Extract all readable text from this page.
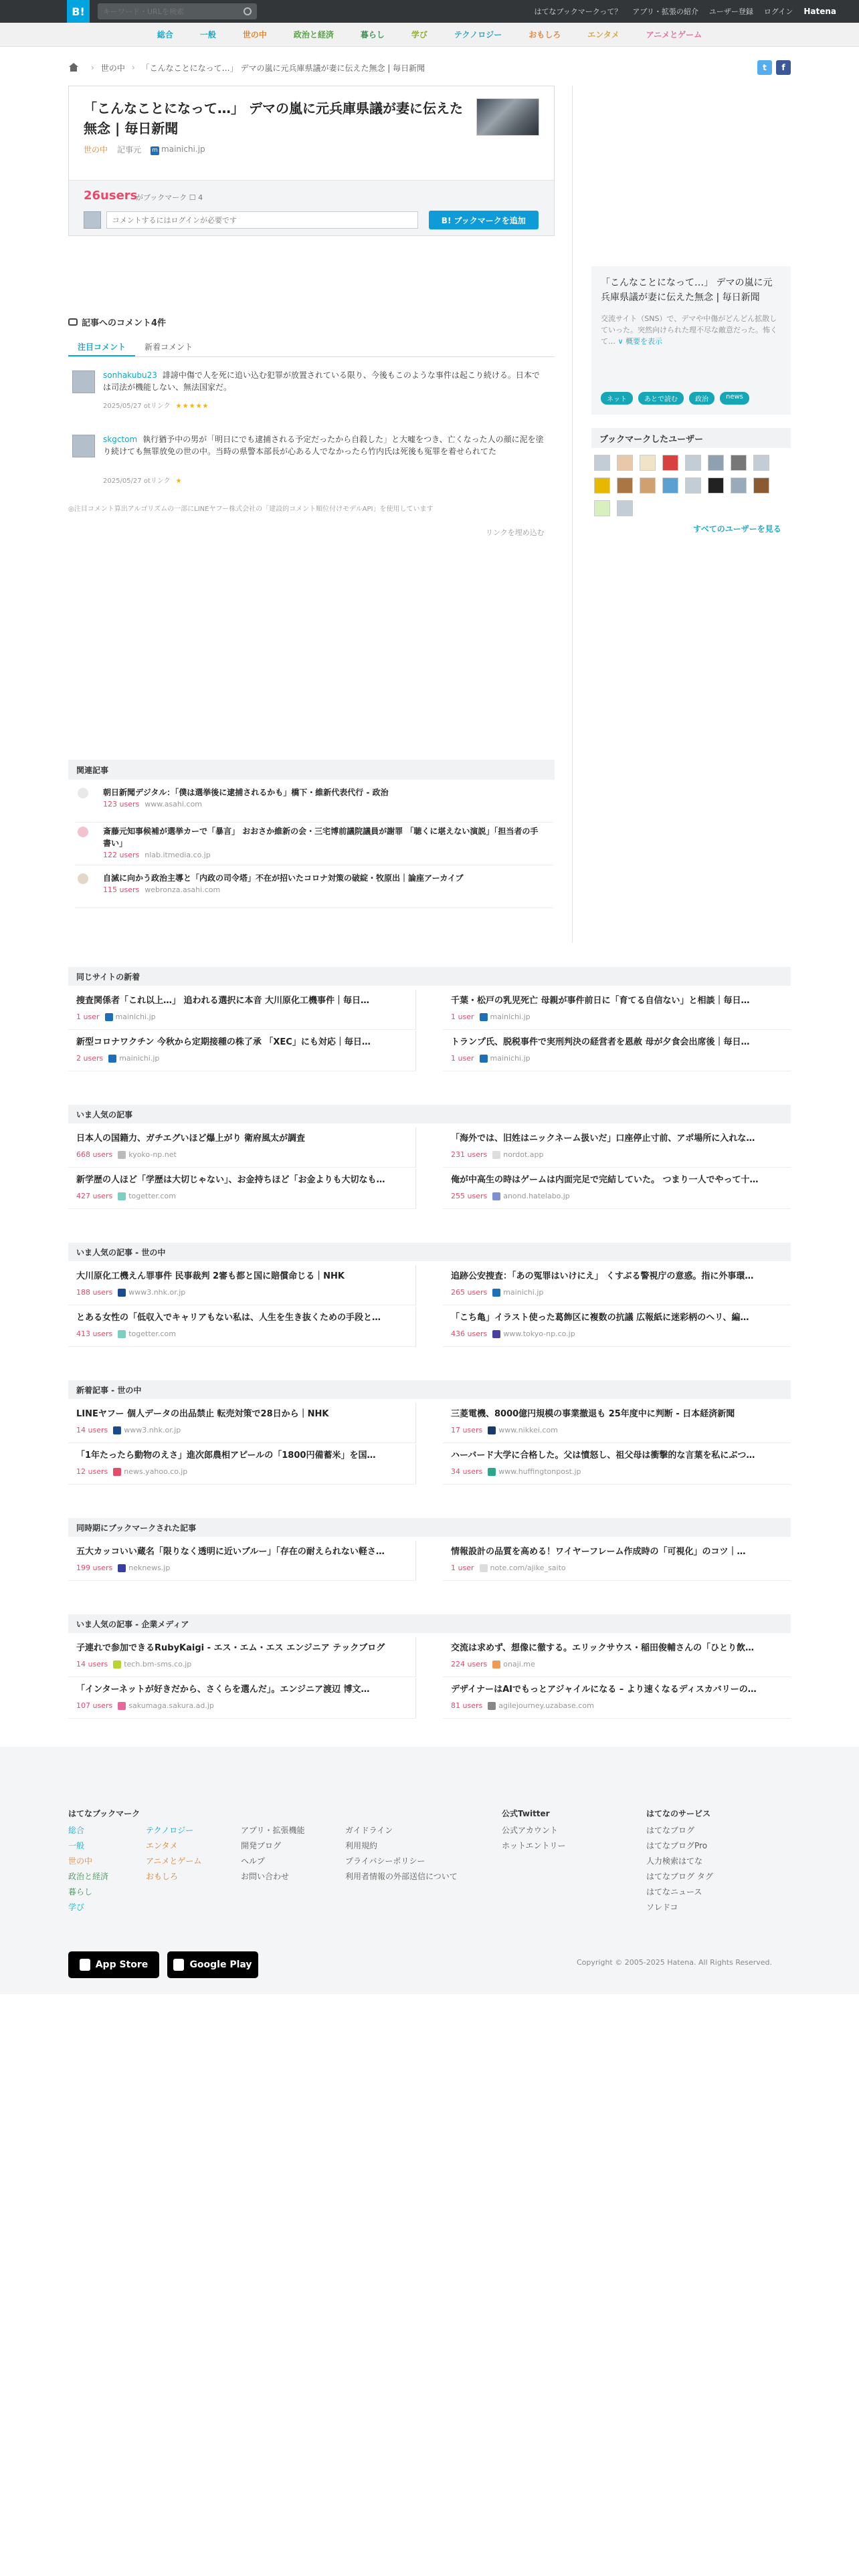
B!
キーワード・URLを検索	はてなブックマークって？ アプリ・拡張の紹介 ユーザー登録 ログイン Hatena
総合	一般	世の中	政治と経済	暮らし	学び	テクノロジー	おもしろ	エンタメ	アニメとゲーム
› 世の中 › 「こんなことになって…」 デマの嵐に元兵庫県議が妻に伝えた無念 | 毎日新聞	t	f
「こんなことになって…」 デマの嵐に元兵庫県議が妻に伝えた無念 | 毎日新聞
世の中 記事元 m mainichi.jp
26users
がブックマーク ☐ 4
コメントするにはログインが必要です
B! ブックマークを追加
「こんなことになって…」 デマの嵐に元兵庫県議が妻に伝えた無念 | 毎日新聞
交流サイト（SNS）で、デマや中傷がどんどん拡散していった。突然向けられた理不尽な敵意だった。怖くて… ∨ 概要を表示
ネット	あとで読む	政治	news
ブックマークしたユーザー
すべてのユーザーを見る
記事へのコメント4件
注目コメント	新着コメント
sonhakubu23 誹謗中傷で人を死に追い込む犯罪が放置されている限り、今後もこのような事件は起こり続ける。日本では司法が機能しない、無法国家だ。
2025/05/27 otリンク ★★★★★
skgctom 執行猶予中の男が「明日にでも逮捕される予定だったから自殺した」と大嘘をつき、亡くなった人の顔に泥を塗り続けても無罪放免の世の中。当時の県警本部長が心ある人でなかったら竹内氏は死後も冤罪を着せられてた
2025/05/27 otリンク ★
◎注目コメント算出アルゴリズムの一部にLINEヤフー株式会社の「建設的コメント順位付けモデルAPI」を使用しています
リンクを埋め込む
関連記事
朝日新聞デジタル：「僕は選挙後に逮捕されるかも」橋下・維新代表代行 - 政治
123 users www.asahi.com
斎藤元知事候補が選挙カーで「暴言」 おおさか維新の会・三宅博前議院議員が謝罪 「聴くに堪えない演説」「担当者の手書い」
122 users nlab.itmedia.co.jp
自滅に向かう政治主導と「内政の司令塔」不在が招いたコロナ対策の破綻・牧原出｜論座アーカイブ
115 users webronza.asahi.com
同じサイトの新着
捜査関係者「これ以上…」 追われる選択に本音 大川原化工機事件｜毎日…
1 user mainichi.jp
千葉・松戸の乳児死亡 母親が事件前日に「育てる自信ない」と相談｜毎日…
1 user mainichi.jp
新型コロナワクチン 今秋から定期接種の株了承 「XEC」にも対応｜毎日…
2 users mainichi.jp
トランプ氏、脱税事件で実刑判決の経営者を恩赦 母が夕食会出席後｜毎日…
1 user mainichi.jp
いま人気の記事
日本人の国籍力、ガチエグいほど爆上がり 衛府風太が調査
668 users kyoko-np.net
「海外では、旧姓はニックネーム扱いだ」口座停止寸前、アポ場所に入れな…
231 users nordot.app
新学歴の人ほど「学歴は大切じゃない」、お金持ちほど「お金よりも大切なも…
427 users togetter.com
俺が中高生の時はゲームは内面完足で完結していた。 つまり一人でやって十…
255 users anond.hatelabo.jp
いま人気の記事 - 世の中
大川原化工機えん罪事件 民事裁判 2審も都と国に賠償命じる｜NHK
188 users www3.nhk.or.jp
追跡公安捜査：「あの冤罪はいけにえ」 くすぶる警視庁の意惑。指に外事環…
265 users mainichi.jp
とある女性の「低収入でキャリアもない私は、人生を生き抜くための手段と…
413 users togetter.com
「こち亀」イラスト使った葛飾区に複数の抗議 広報紙に迷彩柄のヘリ、編…
436 users www.tokyo-np.co.jp
新着記事 - 世の中
LINEヤフー 個人データの出品禁止 転売対策で28日から｜NHK
14 users www3.nhk.or.jp
三菱電機、8000億円規模の事業撤退も 25年度中に判断 - 日本経済新聞
17 users www.nikkei.com
「1年たったら動物のえさ」進次郎農相アピールの「1800円備蓄米」を国…
12 users news.yahoo.co.jp
ハーバード大学に合格した。父は憤怒し、祖父母は衝撃的な言葉を私にぶつ…
34 users www.huffingtonpost.jp
同時期にブックマークされた記事
五大カッコいい蔵名「限りなく透明に近いブルー」「存在の耐えられない軽さ…
199 users neknews.jp
情報設計の品質を高める！ワイヤーフレーム作成時の「可視化」のコツ｜…
1 user note.com/ajike_saito
いま人気の記事 - 企業メディア
子連れで参加できるRubyKaigi - エス・エム・エス エンジニア テックブログ
14 users tech.bm-sms.co.jp
交流は求めず、想像に徹する。エリックサウス・稲田俊輔さんの「ひとり飲…
224 users onaji.me
「インターネットが好きだから、さくらを選んだ」。エンジニア渡辺 博文…
107 users sakumaga.sakura.ad.jp
デザイナーはAIでもっとアジャイルになる – より速くなるディスカバリーの…
81 users agilejourney.uzabase.com
はてなブックマーク
総合
一般
世の中
政治と経済
暮らし
学び
テクノロジー
エンタメ
アニメとゲーム
おもしろ
アプリ・拡張機能
開発ブログ
ヘルプ
お問い合わせ
ガイドライン
利用規約
プライバシーポリシー
利用者情報の外部送信について
公式Twitter
公式アカウント
ホットエントリー
はてなのサービス
はてなブログ
はてなブログPro
人力検索はてな
はてなブログ タグ
はてなニュース
ソレドコ
App Store	Google Play	Copyright © 2005-2025 Hatena. All Rights Reserved.
